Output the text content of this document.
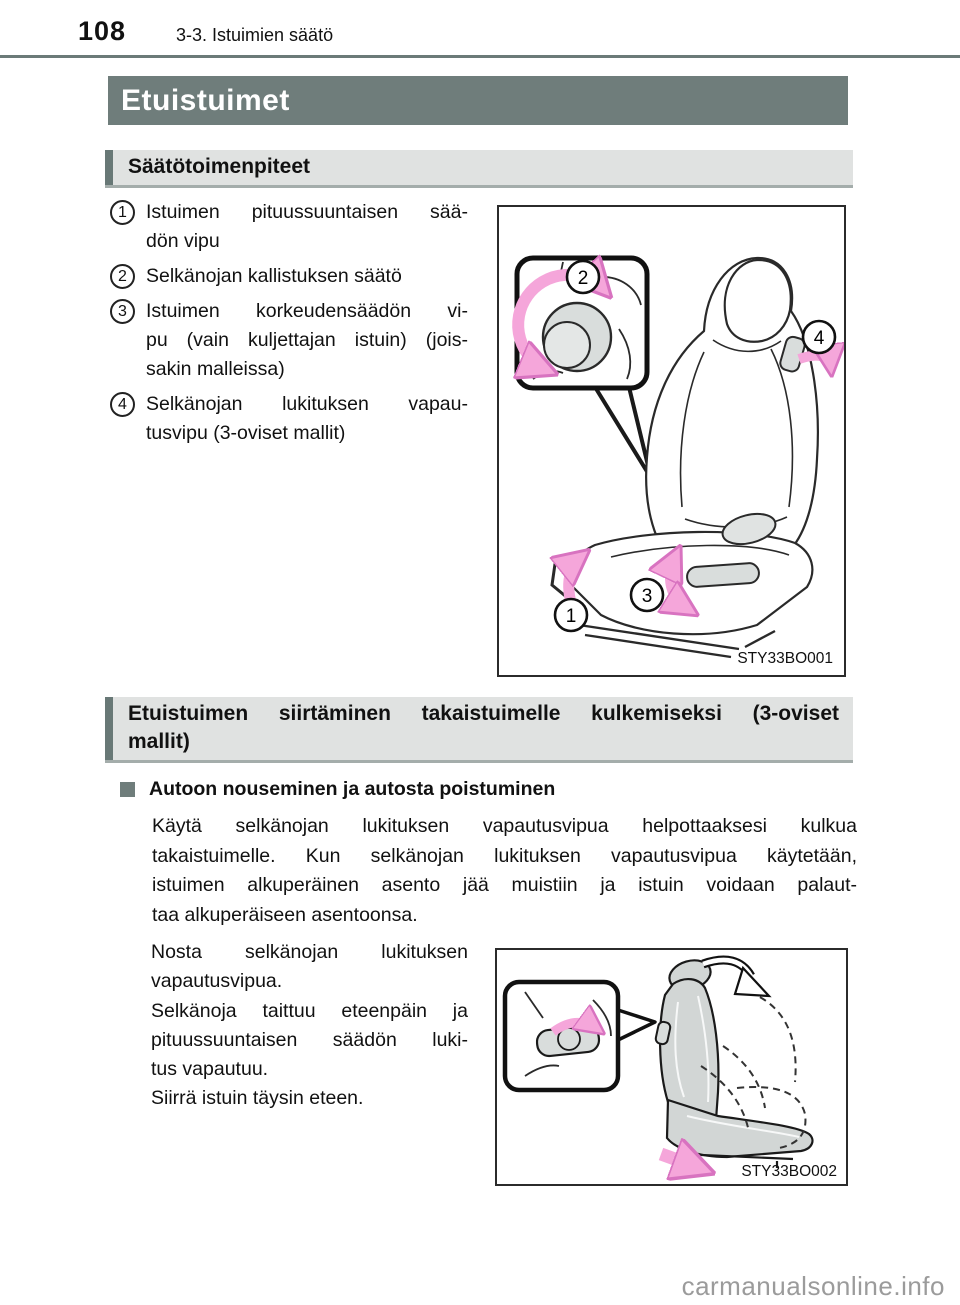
108	3-3. Istuimien säätö
Etuistuimet
Säätötoimenpiteet
1 Istuimen pituussuuntaisen sää-
dön vipu
2 Selkänojan kallistuksen säätö
3 Istuimen korkeudensäädön vi-
pu (vain kuljettajan istuin) (jois-
sakin malleissa)
4 Selkänojan lukituksen vapau-
tusvipu (3-oviset mallit)
2
4
3
1
STY33BO001
Etuistuimen siirtäminen takaistuimelle kulkemiseksi (3-oviset
mallit)
Autoon nouseminen ja autosta poistuminen
Käytä selkänojan lukituksen vapautusvipua helpottaaksesi kulkua
takaistuimelle. Kun selkänojan lukituksen vapautusvipua käytetään,
istuimen alkuperäinen asento jää muistiin ja istuin voidaan palaut-
taa alkuperäiseen asentoonsa.
Nosta selkänojan lukituksen
vapautusvipua.
Selkänoja taittuu eteenpäin ja
pituussuuntaisen säädön luki-
tus vapautuu.
Siirrä istuin täysin eteen.
STY33BO002
carmanualsonline.info
